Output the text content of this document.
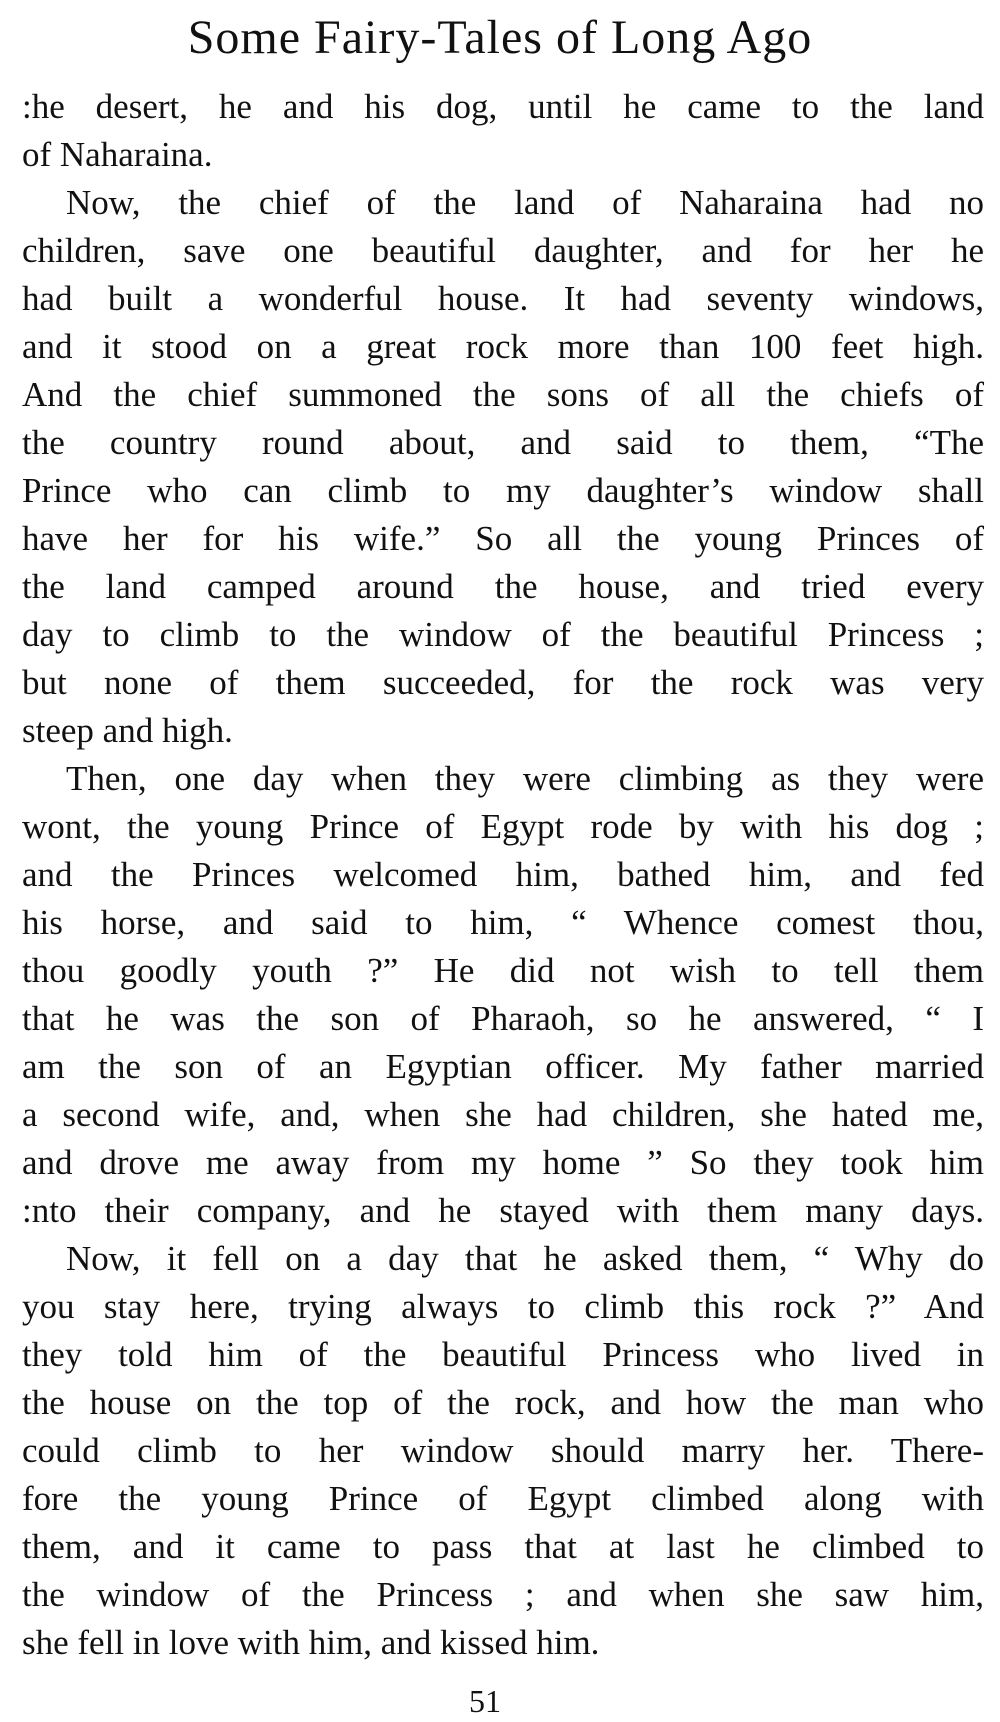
Some Fairy-Tales of Long Ago
:he desert, he and his dog, until he came to the land
of Naharaina.
Now, the chief of the land of Naharaina had no
children, save one beautiful daughter, and for her he
had built a wonderful house. It had seventy windows,
and it stood on a great rock more than 100 feet high.
And the chief summoned the sons of all the chiefs of
the country round about, and said to them, “The
Prince who can climb to my daughter’s window shall
have her for his wife.” So all the young Princes of
the land camped around the house, and tried every
day to climb to the window of the beautiful Princess ;
but none of them succeeded, for the rock was very
steep and high.
Then, one day when they were climbing as they were
wont, the young Prince of Egypt rode by with his dog ;
and the Princes welcomed him, bathed him, and fed
his horse, and said to him, “ Whence comest thou,
thou goodly youth ?” He did not wish to tell them
that he was the son of Pharaoh, so he answered, “ I
am the son of an Egyptian officer. My father married
a second wife, and, when she had children, she hated me,
and drove me away from my home ” So they took him
:nto their company, and he stayed with them many days.
Now, it fell on a day that he asked them, “ Why do
you stay here, trying always to climb this rock ?” And
they told him of the beautiful Princess who lived in
the house on the top of the rock, and how the man who
could climb to her window should marry her. There-
fore the young Prince of Egypt climbed along with
them, and it came to pass that at last he climbed to
the window of the Princess ; and when she saw him,
she fell in love with him, and kissed him.
51
